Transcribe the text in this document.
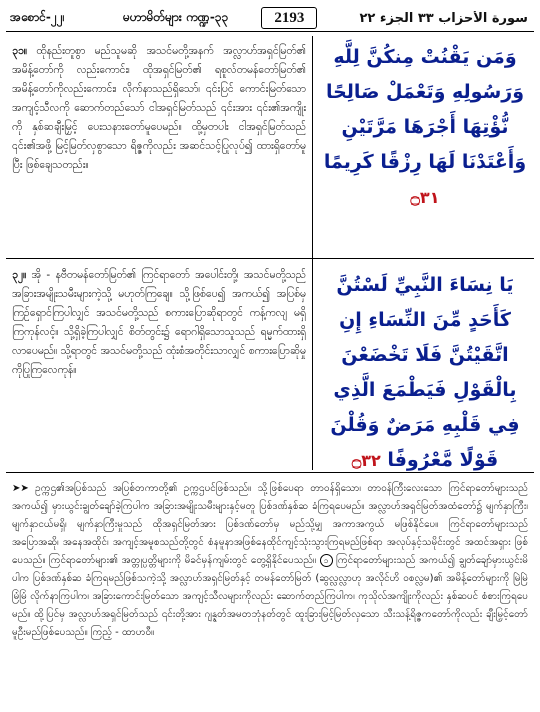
အစောင်-၂၂၊	မဟာမိတ်များ ကဏ္ဍ-၃၃	2193	سورة الأحزاب ٣٣ الجزء ٢٢
၃၁။ ထိုနည်းတူစွာ မည်သူမဆို အသင်မတို့အနက် အလ္လာဟ်အရှင်မြတ်၏ အမိန့်တော်ကို လည်းကောင်း၊ ထိုအရှင်မြတ်၏ ရစူလ်တမန်တော်မြတ်၏ အမိန့်တော်ကိုလည်းကောင်း၊ လိုက်နာသည်ရှိသော်၊ ၎င်းပြင် ကောင်းမြတ်သော အကျင့်သီလကို ဆောက်တည်သော် ငါအရှင်မြတ်သည် ၎င်းအား ၎င်း၏အကျိုးကို နှစ်ဆချီးမြှင့် ပေးသနားတော်မူပေမည်။ ထို့မှတပါး ငါအရှင်မြတ်သည် ၎င်း၏အဖို့ မြင့်မြတ်လှစွာသော ရိဇ္ဇကိုလည်း အဆင်သင့်ပြုလုပ်၍ ထားရှိတော်မူပြီး ဖြစ်ချေသတည်း။
وَمَن يَقْنُتْ مِنكُنَّ لِلَّهِ وَرَسُولِهِ وَتَعْمَلْ صَالِحًا نُّؤْتِهَا أَجْرَهَا مَرَّتَيْنِ وَأَعْتَدْنَا لَهَا رِزْقًا كَرِيمًا ۝٣١
၃၂။ အို - နဗီတမန်တော်မြတ်၏ ကြင်ရာတော် အပေါင်းတို့၊ အသင်မတို့သည် အခြားအမျိုးသမီးများကဲ့သို့ မဟုတ်ကြချေ။ သို့ဖြစ်ပေ၍ အကယ်၍ အပြစ်မှကြဉ်ရှောင်ကြပါလျှင် အသင်မတို့သည် စကားပြောဆိုရာတွင် ကန့်ကလျ မရှိကြကုန်လင့်။ သို့ရှိခဲ့ကြပါလျှင် စိတ်တွင်း၌ ရောဂါရှိသောသူသည် ရမ္မက်ထားရှိလာပေမည်။ သို့ရာတွင် အသင်မတို့သည် ထုံးစံအတိုင်းသာလျှင် စကားပြောဆိုမှုကိုပြုကြလေကုန်။
يَا نِسَاءَ النَّبِيِّ لَسْتُنَّ كَأَحَدٍ مِّنَ النِّسَاءِ إِنِ اتَّقَيْتُنَّ فَلَا تَخْضَعْنَ بِالْقَوْلِ فَيَطْمَعَ الَّذِي فِي قَلْبِهِ مَرَضٌ وَقُلْنَ قَوْلًا مَّعْرُوفًا ۝٣٢
➤➤ ဥက္ကဌ၏အပြစ်သည် အပြစ်တကာတို့၏ ဥက္ကဌပင်ဖြစ်သည်။ သို့ဖြစ်ပေရာ တာဝန်ရှိသော၊ တာဝန်ကြီးလေးသော ကြင်ရာတော်များသည် အကယ်၍ မှားယွင်းချွတ်ချော်ခဲ့ကြပါက အခြားအမျိုးသမီးများနှင့်မတူ ပြစ်ဒဏ်နှစ်ဆ ခံကြရပေမည်။ အလ္လာဟ်အရှင်မြတ်အထံတော်၌ မျက်နှာကြီး၊ မျက်နှာငယ်မရှိ၊ မျက်နှာကြီးမှုသည် ထိုအရှင်မြတ်အား ပြစ်ဒဏ်တော်မှ မည်သို့မျှ အကာအကွယ် မဖြစ်နိုင်ပေ။ ကြင်ရာတော်များသည် အပြောအဆို၊ အနေအထိုင်၊ အကျင့်အမူစသည်တို့တွင် စံနမူနာအဖြစ်နေထိုင်ကျင့်သုံးသွားကြရမည်ဖြစ်ရာ အလုပ်နှင့်သမိုင်းတွင် အထင်အရှား ဖြစ်ပေသည်။ ကြင်ရာတော်များ၏ အတ္တုပ္ပတ္တိများကို မိခင်မှန်ကျမ်းတွင် တွေ့ရှိနိုင်ပေသည်။ ၁ ကြင်ရာတော်များသည် အကယ်၍ ချွတ်ချော်မှားယွင်းမိပါက ပြစ်ဒဏ်နှစ်ဆ ခံကြရမည်ဖြစ်သကဲ့သို့ အလ္လာဟ်အရှင်မြတ်နှင့် တမန်တော်မြတ် (ဆွလ္လလ္လာဟု အလိုင်ဟိ ဝစလ္လမ)၏ အမိန့်တော်များကို မြဲမြဲမြံမြံ လိုက်နာကြပါက၊ အခြားကောင်းမြတ်သော အကျင့်သီလများကိုလည်း ဆောက်တည်ကြပါက၊ ကုသိုလ်အကျိုးကိုလည်း နှစ်ဆပင် စံစားကြရပေမည်။ ထို့ပြင်မှ အလ္လာဟ်အရှင်မြတ်သည် ၎င်းတို့အား ဂျန္နတ်အမတဘုံနတ်တွင် ထူးခြားမြင့်မြတ်လှသော သီးသန့်ရိဇ္ဇကတော်ကိုလည်း ချီးမြှင့်တော်မူဦးမည်ဖြစ်ပေသည်။ ကြည့် - ထာဟဝီ။
